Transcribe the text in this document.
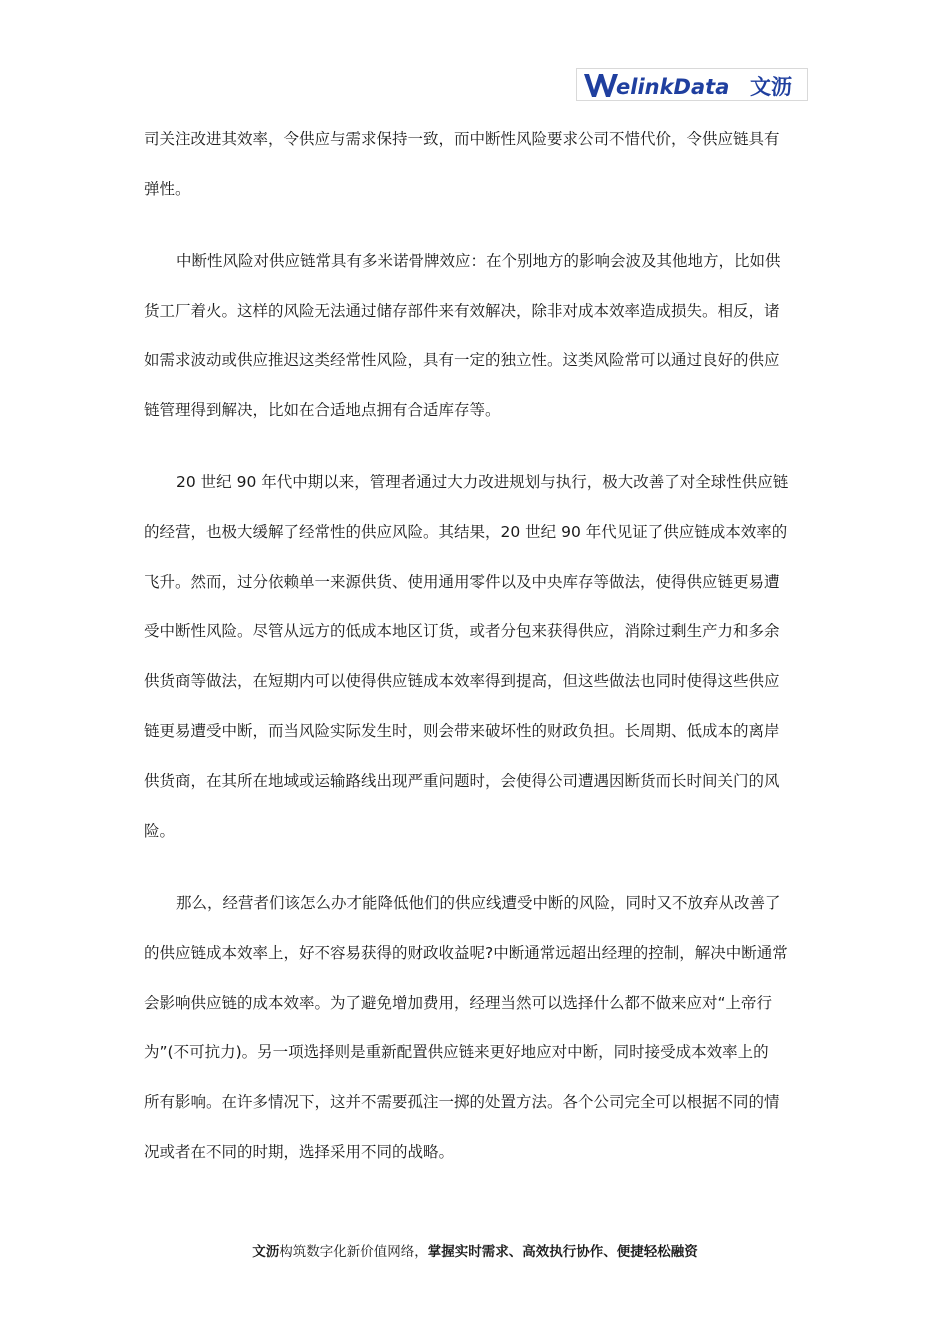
elinkData 文沥
司关注改进其效率，令供应与需求保持一致，而中断性风险要求公司不惜代价，令供应链具有
弹性。
中断性风险对供应链常具有多米诺骨牌效应：在个别地方的影响会波及其他地方，比如供
货工厂着火。这样的风险无法通过储存部件来有效解决，除非对成本效率造成损失。相反，诸
如需求波动或供应推迟这类经常性风险，具有一定的独立性。这类风险常可以通过良好的供应
链管理得到解决，比如在合适地点拥有合适库存等。
20 世纪 90 年代中期以来，管理者通过大力改进规划与执行，极大改善了对全球性供应链
的经营，也极大缓解了经常性的供应风险。其结果，20 世纪 90 年代见证了供应链成本效率的
飞升。然而，过分依赖单一来源供货、使用通用零件以及中央库存等做法，使得供应链更易遭
受中断性风险。尽管从远方的低成本地区订货，或者分包来获得供应，消除过剩生产力和多余
供货商等做法，在短期内可以使得供应链成本效率得到提高，但这些做法也同时使得这些供应
链更易遭受中断，而当风险实际发生时，则会带来破坏性的财政负担。长周期、低成本的离岸
供货商，在其所在地域或运输路线出现严重问题时，会使得公司遭遇因断货而长时间关门的风
险。
那么，经营者们该怎么办才能降低他们的供应线遭受中断的风险，同时又不放弃从改善了
的供应链成本效率上，好不容易获得的财政收益呢?中断通常远超出经理的控制，解决中断通常
会影响供应链的成本效率。为了避免增加费用，经理当然可以选择什么都不做来应对“上帝行
为”(不可抗力)。另一项选择则是重新配置供应链来更好地应对中断，同时接受成本效率上的
所有影响。在许多情况下，这并不需要孤注一掷的处置方法。各个公司完全可以根据不同的情
况或者在不同的时期，选择采用不同的战略。
文沥构筑数字化新价值网络，掌握实时需求、高效执行协作、便捷轻松融资
